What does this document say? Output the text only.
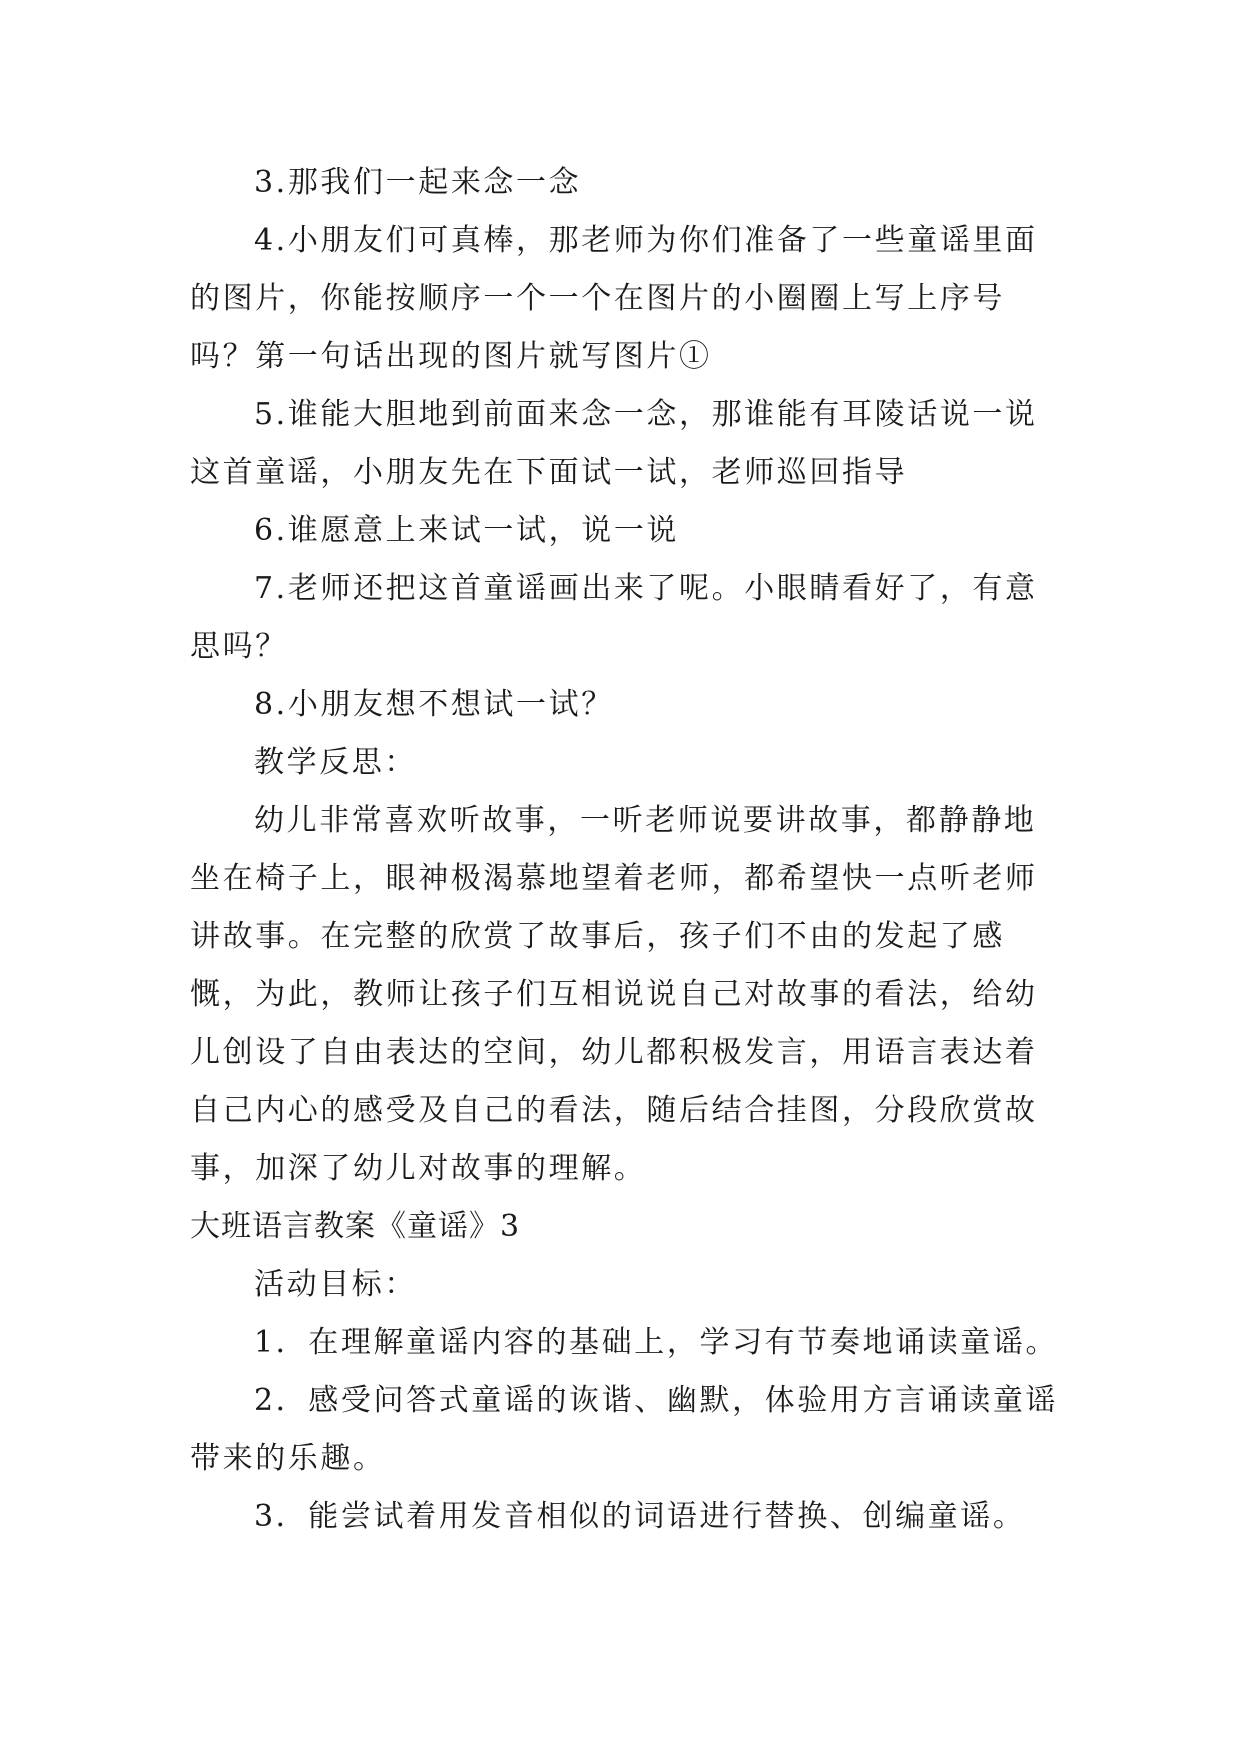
3.那我们一起来念一念

4.小朋友们可真棒，那老师为你们准备了一些童谣里面的图片，你能按顺序一个一个在图片的小圈圈上写上序号吗？第一句话出现的图片就写图片①

5.谁能大胆地到前面来念一念，那谁能有耳陵话说一说这首童谣，小朋友先在下面试一试，老师巡回指导

6.谁愿意上来试一试，说一说

7.老师还把这首童谣画出来了呢。小眼睛看好了，有意思吗？

8.小朋友想不想试一试？

教学反思：

幼儿非常喜欢听故事，一听老师说要讲故事，都静静地坐在椅子上，眼神极渴慕地望着老师，都希望快一点听老师讲故事。在完整的欣赏了故事后，孩子们不由的发起了感慨，为此，教师让孩子们互相说说自己对故事的看法，给幼儿创设了自由表达的空间，幼儿都积极发言，用语言表达着自己内心的感受及自己的看法，随后结合挂图，分段欣赏故事，加深了幼儿对故事的理解。

大班语言教案《童谣》3

活动目标：

1．在理解童谣内容的基础上，学习有节奏地诵读童谣。

2．感受问答式童谣的诙谐、幽默，体验用方言诵读童谣带来的乐趣。

3．能尝试着用发音相似的词语进行替换、创编童谣。
